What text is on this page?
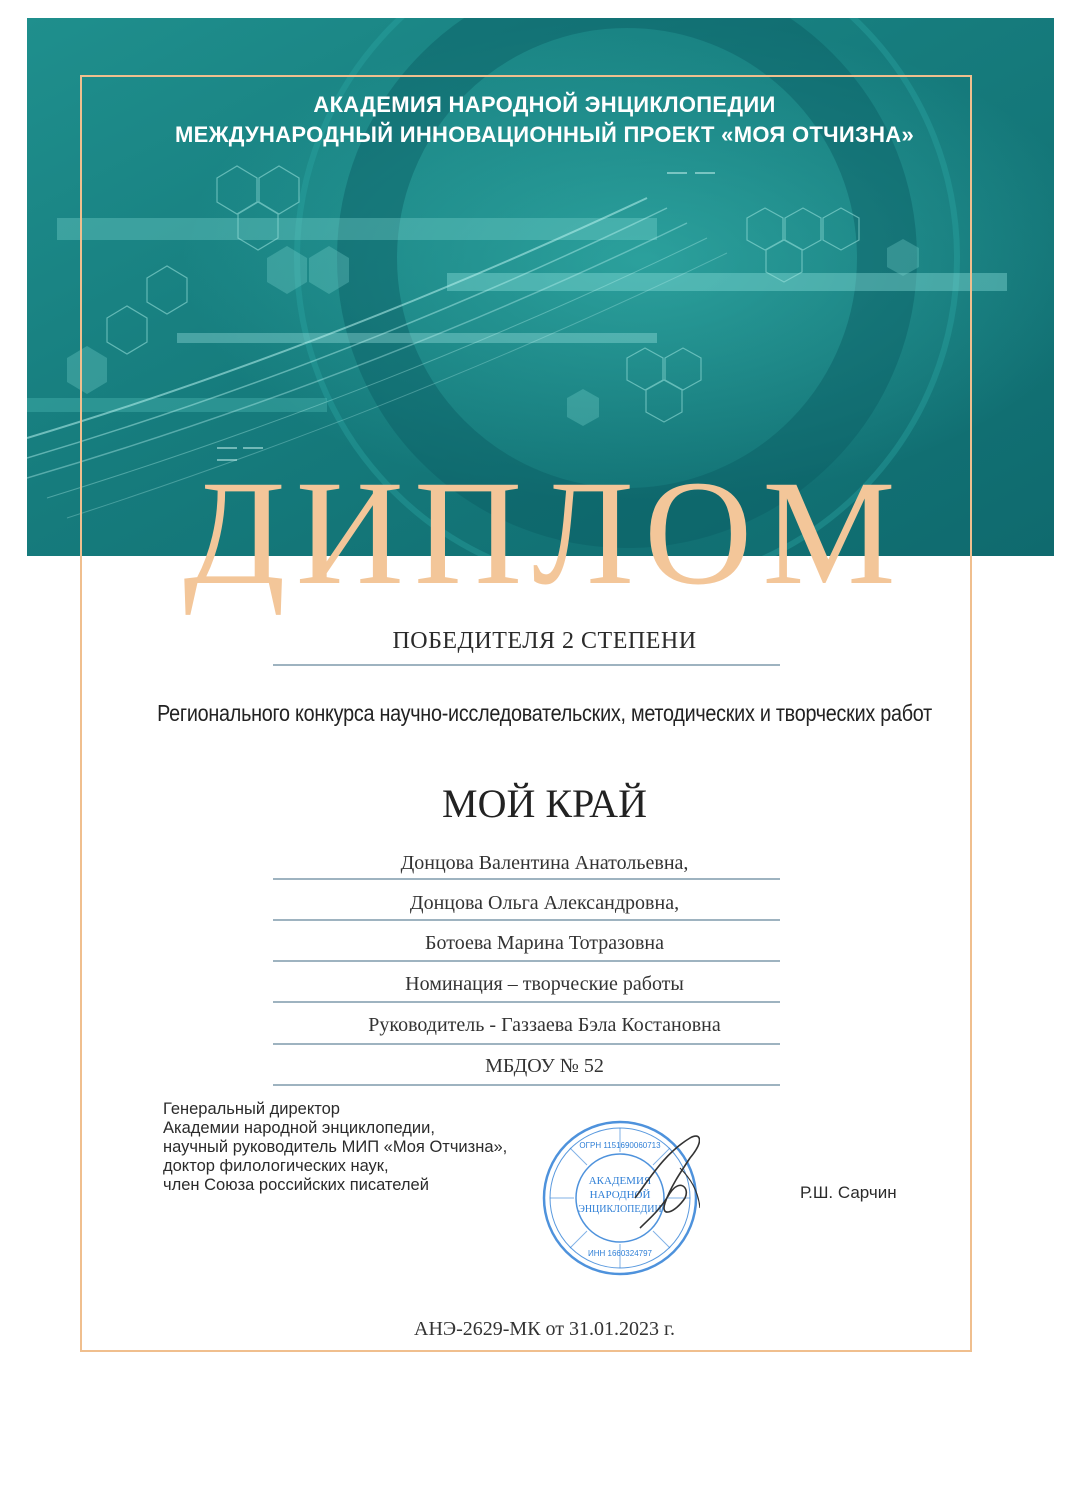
АКАДЕМИЯ НАРОДНОЙ ЭНЦИКЛОПЕДИИ
МЕЖДУНАРОДНЫЙ ИННОВАЦИОННЫЙ ПРОЕКТ «МОЯ ОТЧИЗНА»
ДИПЛОМ
ПОБЕДИТЕЛЯ 2 СТЕПЕНИ
Регионального конкурса научно-исследовательских, методических и творческих работ
МОЙ КРАЙ
Донцова Валентина Анатольевна,
Донцова Ольга Александровна,
Ботоева Марина Тотразовна
Номинация – творческие работы
Руководитель - Газзаева Бэла Костановна
МБДОУ № 52
Генеральный директор
Академии народной энциклопедии,
научный руководитель МИП «Моя Отчизна»,
доктор филологических наук,
член Союза российских писателей	АКАДЕМИЯ
НАРОДНОЙ
ЭНЦИКЛОПЕДИИ
ОГРН 1151690060713
ИНН 1660324797
Р.Ш. Сарчин
АНЭ-2629-МК от 31.01.2023 г.
